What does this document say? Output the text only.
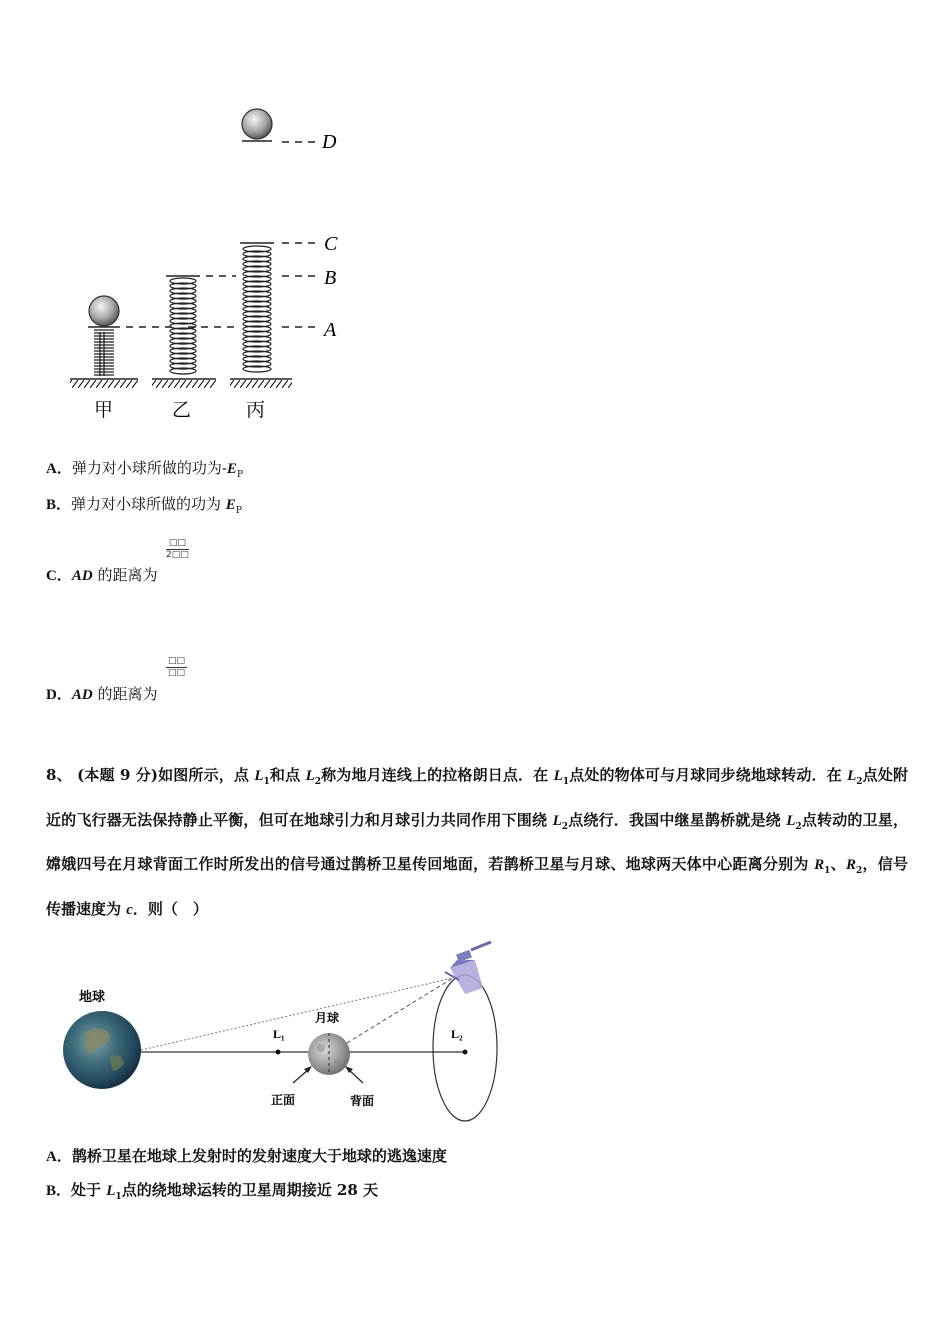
D
C
B
A
甲	乙	丙
A．弹力对小球所做的功为$-E_P$
B．弹力对小球所做的功为 $E_P$
C．AD 的距离为
□□
2□□
D．AD 的距离为
□□
□□
8、 (本题 9 分)如图所示，点 $L_1$和点 $L_2$称为地月连线上的拉格朗日点．在 $L_1$点处的物体可与月球同步绕地球转动．在 $L_2$点处附近的飞行器无法保持静止平衡，但可在地球引力和月球引力共同作用下围绕 $L_2$点绕行．我国中继星鹊桥就是绕 $L_2$点转动的卫星，嫦娥四号在月球背面工作时所发出的信号通过鹊桥卫星传回地面，若鹊桥卫星与月球、地球两天体中心距离分别为 $R_1$、$R_2$，信号传播速度为 c．则（　）
地球
L₁
月球
正面	背面
L₂
A．鹊桥卫星在地球上发射时的发射速度大于地球的逃逸速度
B．处于 $L_1$点的绕地球运转的卫星周期接近 28 天
